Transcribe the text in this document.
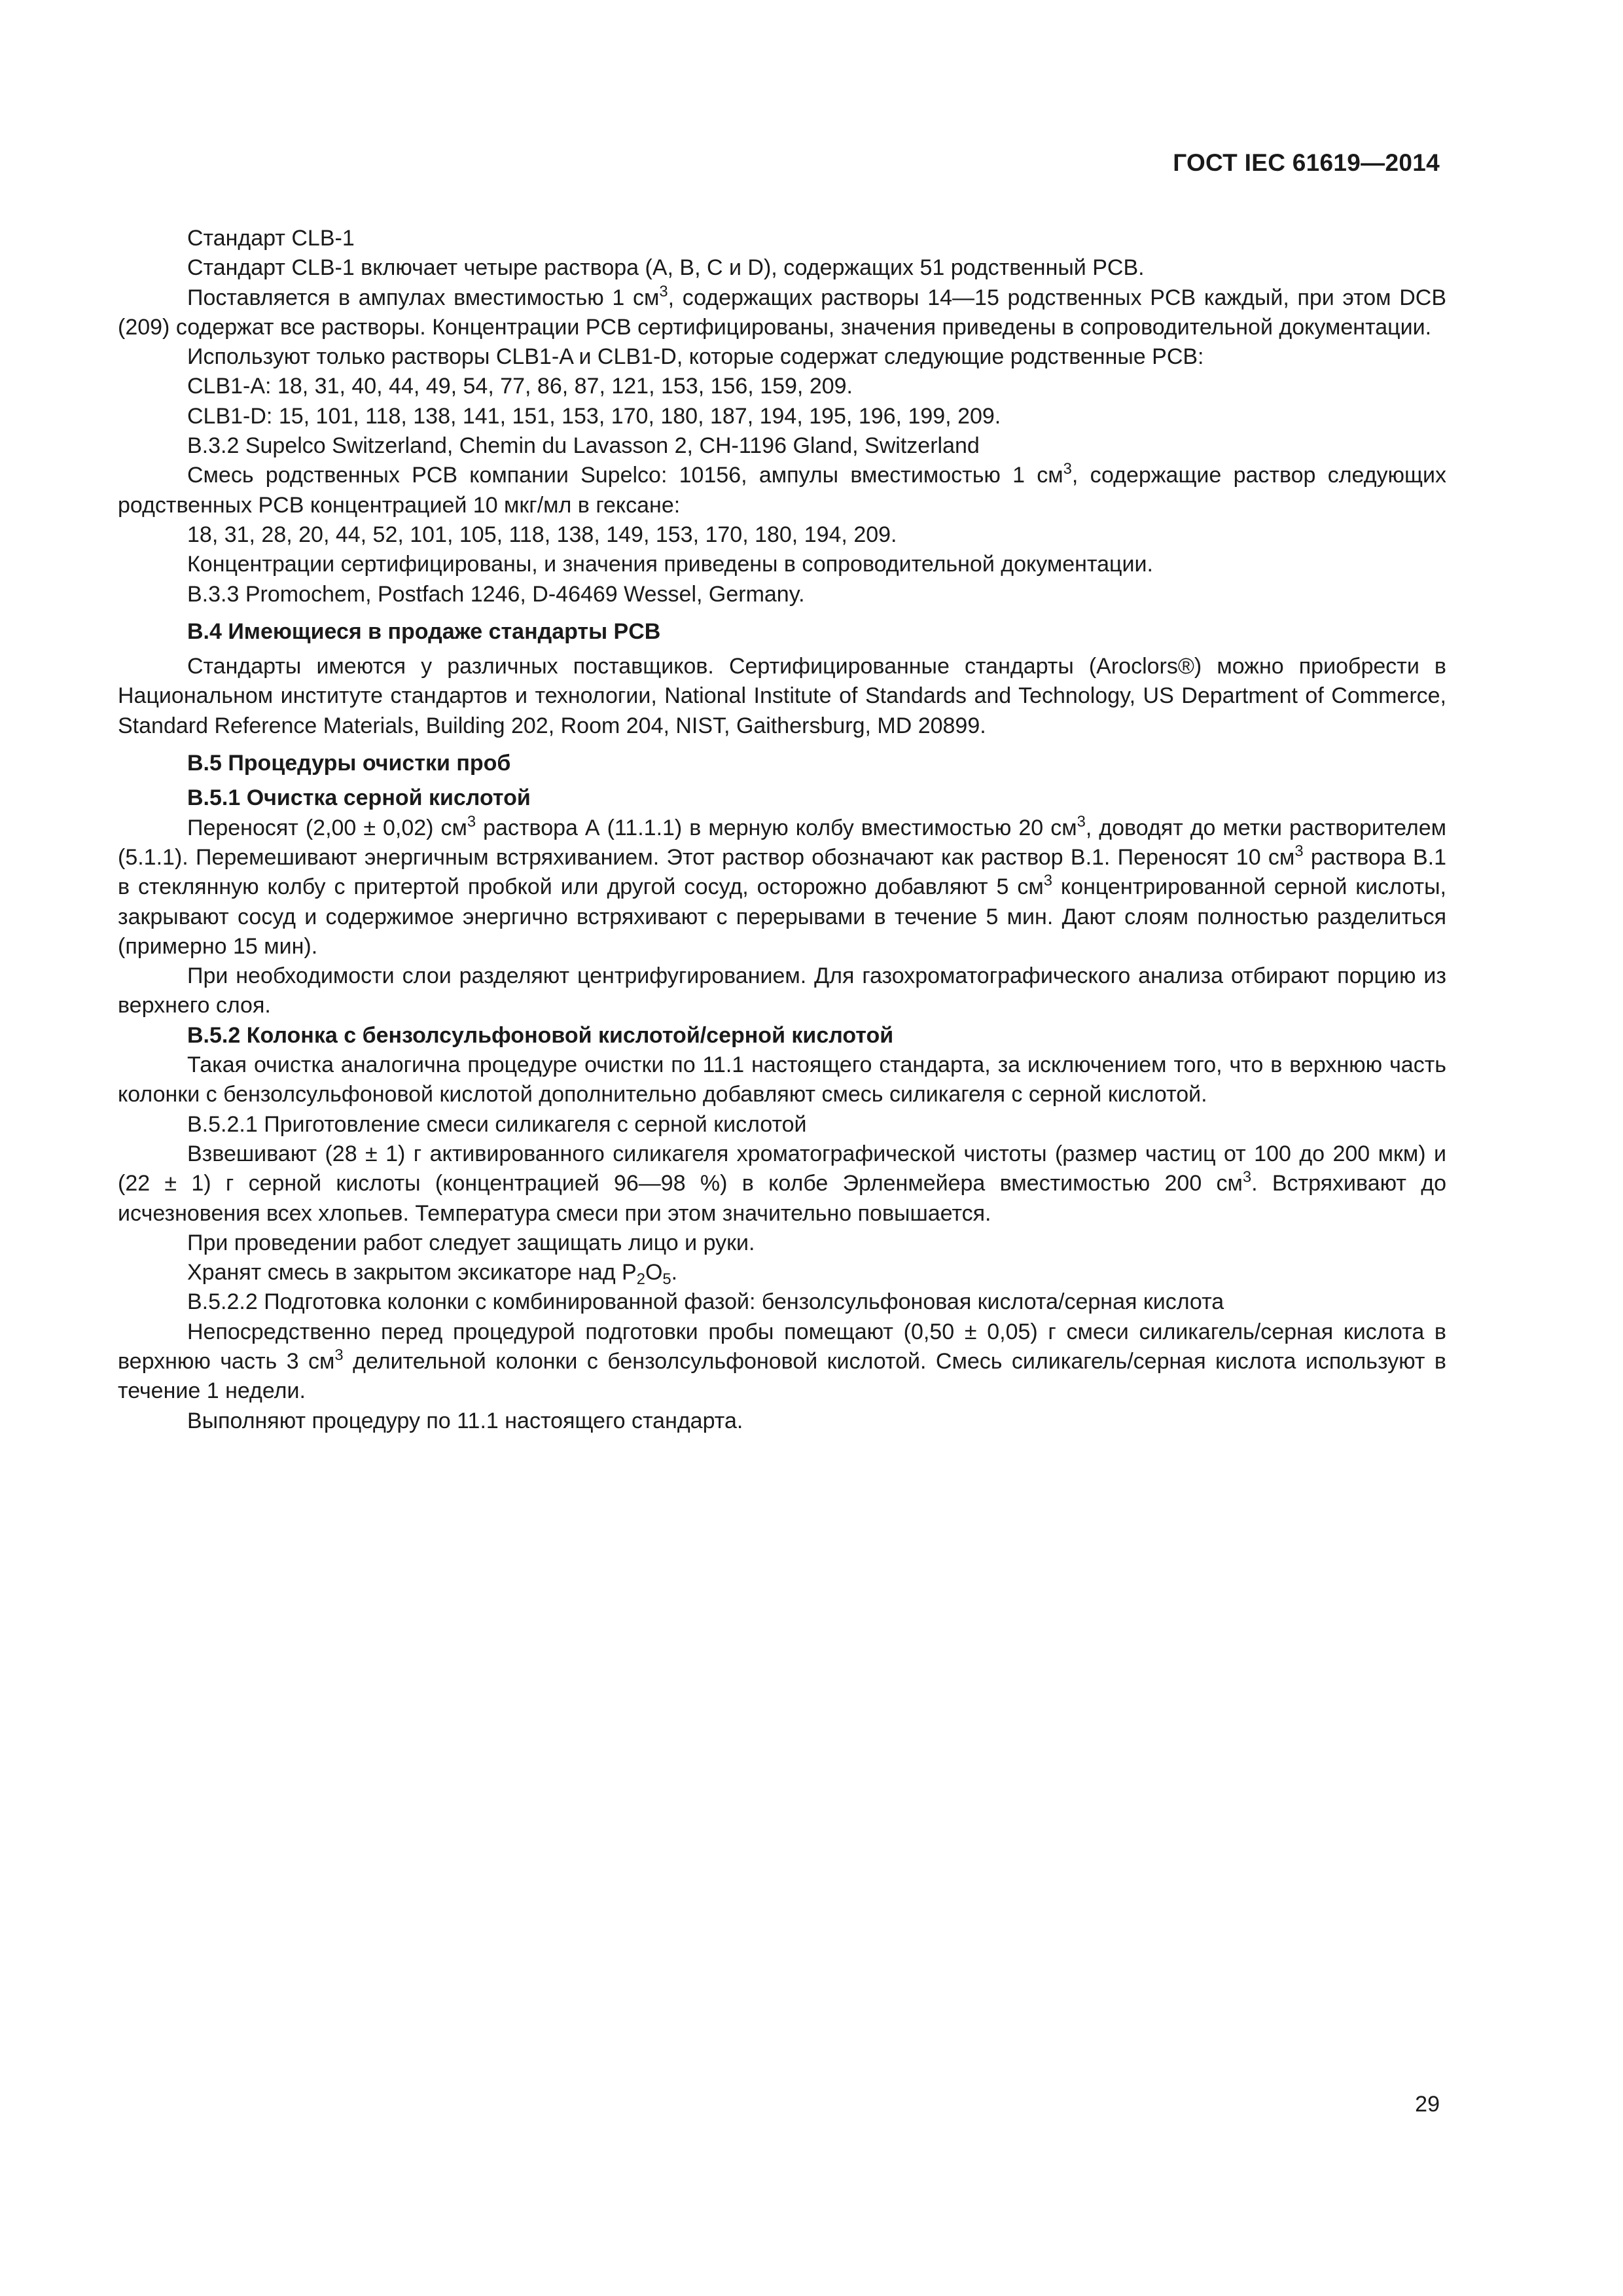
ГОСТ IEC 61619—2014

Стандарт CLB-1

Стандарт CLB-1 включает четыре раствора (А, В, С и D), содержащих 51 родственный PCB.

Поставляется в ампулах вместимостью 1 $см^3$, содержащих растворы 14—15 родственных PCB каждый, при этом DCB (209) содержат все растворы. Концентрации PCB сертифицированы, значения приведены в сопроводительной документации.

Используют только растворы CLB1-A и CLB1-D, которые содержат следующие родственные PCB:

CLB1-A: 18, 31, 40, 44, 49, 54, 77, 86, 87, 121, 153, 156, 159, 209.

CLB1-D: 15, 101, 118, 138, 141, 151, 153, 170, 180, 187, 194, 195, 196, 199, 209.

В.3.2 Supelco Switzerland, Chemin du Lavasson 2, CH-1196 Gland, Switzerland

Смесь родственных PCB компании Supelco: 10156, ампулы вместимостью 1 $см^3$, содержащие раствор следующих родственных PCB концентрацией 10 мкг/мл в гексане:

18, 31, 28, 20, 44, 52, 101, 105, 118, 138, 149, 153, 170, 180, 194, 209.

Концентрации сертифицированы, и значения приведены в сопроводительной документации.

В.3.3 Promochem, Postfach 1246, D-46469 Wessel, Germany.

В.4 Имеющиеся в продаже стандарты PCB

Стандарты имеются у различных поставщиков. Сертифицированные стандарты (Aroclors®) можно приобрести в Национальном институте стандартов и технологии, National Institute of Standards and Technology, US Department of Commerce, Standard Reference Materials, Building 202, Room 204, NIST, Gaithersburg, MD 20899.

В.5 Процедуры очистки проб
В.5.1 Очистка серной кислотой

Переносят (2,00 ± 0,02) $см^3$ раствора А (11.1.1) в мерную колбу вместимостью 20 $см^3$, доводят до метки растворителем (5.1.1). Перемешивают энергичным встряхиванием. Этот раствор обозначают как раствор В.1. Переносят 10 $см^3$ раствора В.1 в стеклянную колбу с притертой пробкой или другой сосуд, осторожно добавляют 5 $см^3$ концентрированной серной кислоты, закрывают сосуд и содержимое энергично встряхивают с перерывами в течение 5 мин. Дают слоям полностью разделиться (примерно 15 мин).

При необходимости слои разделяют центрифугированием. Для газохроматографического анализа отбирают порцию из верхнего слоя.

В.5.2 Колонка с бензолсульфоновой кислотой/серной кислотой

Такая очистка аналогична процедуре очистки по 11.1 настоящего стандарта, за исключением того, что в верхнюю часть колонки с бензолсульфоновой кислотой дополнительно добавляют смесь силикагеля с серной кислотой.

В.5.2.1 Приготовление смеси силикагеля с серной кислотой

Взвешивают (28 ± 1) г активированного силикагеля хроматографической чистоты (размер частиц от 100 до 200 мкм) и (22 ± 1) г серной кислоты (концентрацией 96—98 %) в колбе Эрленмейера вместимостью 200 $см^3$. Встряхивают до исчезновения всех хлопьев. Температура смеси при этом значительно повышается.

При проведении работ следует защищать лицо и руки.

Хранят смесь в закрытом эксикаторе над $P_2O_5$.

В.5.2.2 Подготовка колонки с комбинированной фазой: бензолсульфоновая кислота/серная кислота

Непосредственно перед процедурой подготовки пробы помещают (0,50 ± 0,05) г смеси силикагель/серная кислота в верхнюю часть 3 $см^3$ делительной колонки с бензолсульфоновой кислотой. Смесь силикагель/серная кислота используют в течение 1 недели.

Выполняют процедуру по 11.1 настоящего стандарта.

29
